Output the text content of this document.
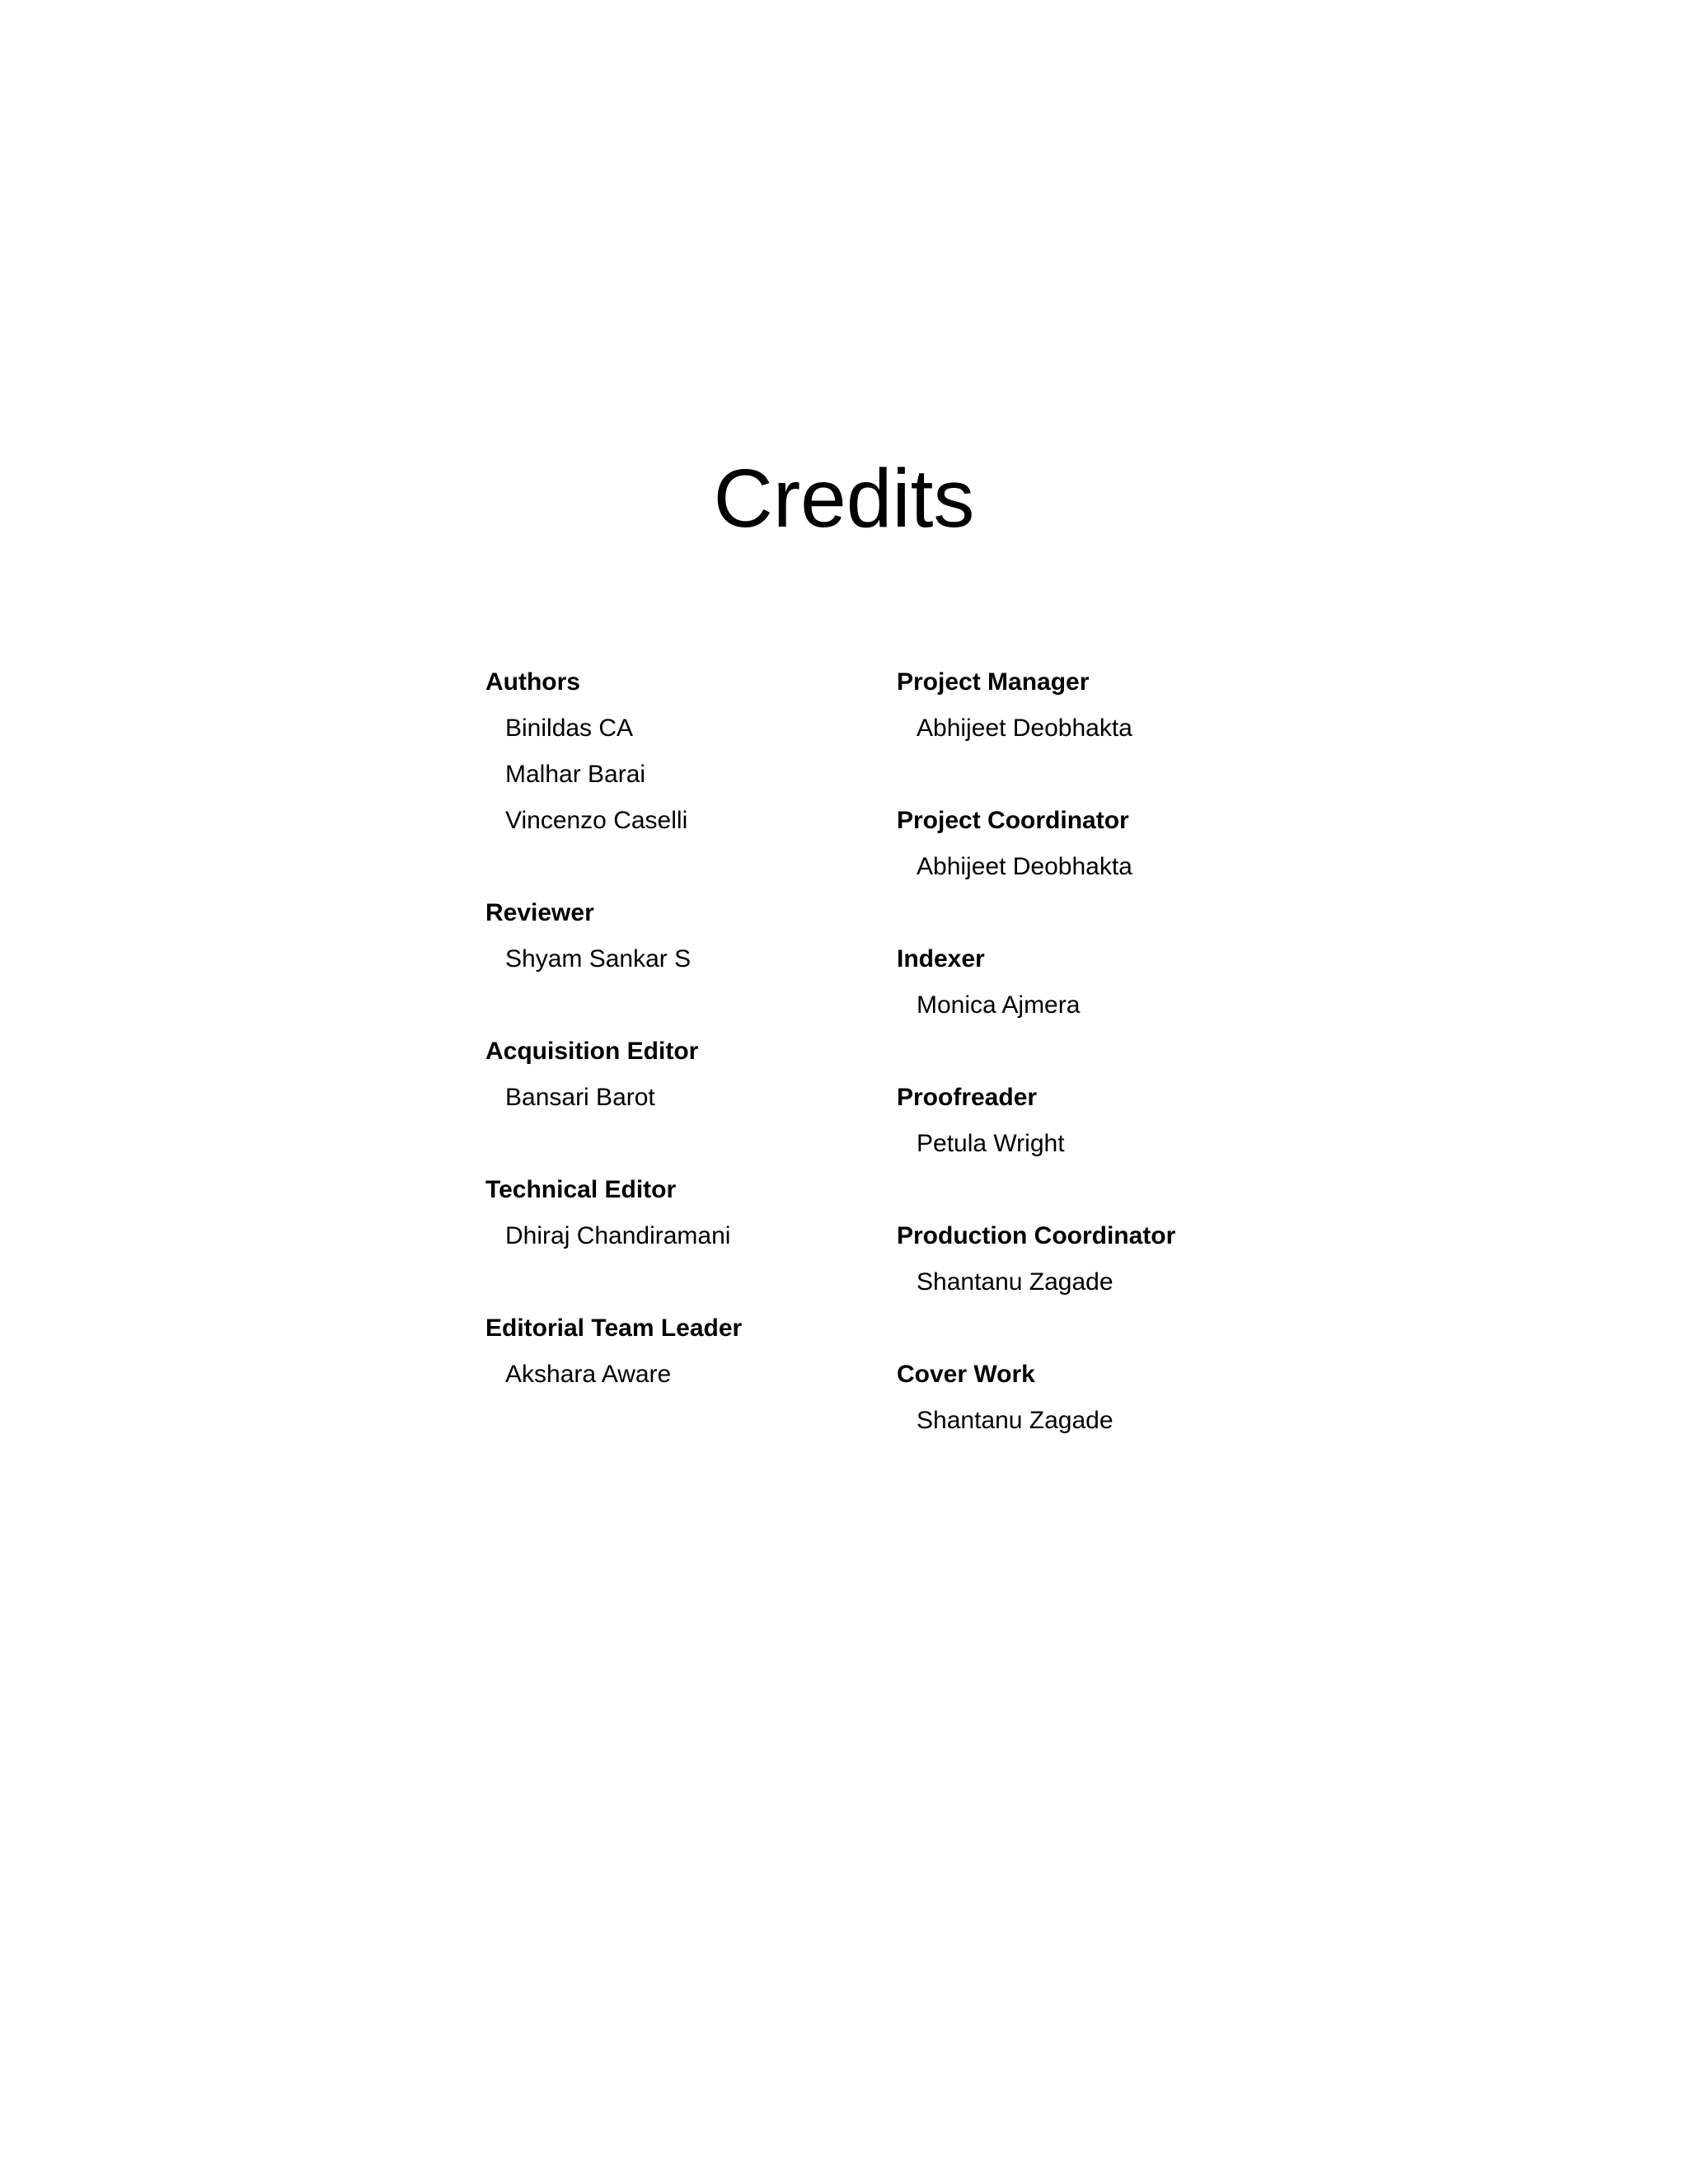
Credits
Authors
Binildas CA
Malhar Barai
Vincenzo Caselli
Reviewer
Shyam Sankar S
Acquisition Editor
Bansari Barot
Technical Editor
Dhiraj Chandiramani
Editorial Team Leader
Akshara Aware
Project Manager
Abhijeet Deobhakta
Project Coordinator
Abhijeet Deobhakta
Indexer
Monica Ajmera
Proofreader
Petula Wright
Production Coordinator
Shantanu Zagade
Cover Work
Shantanu Zagade
